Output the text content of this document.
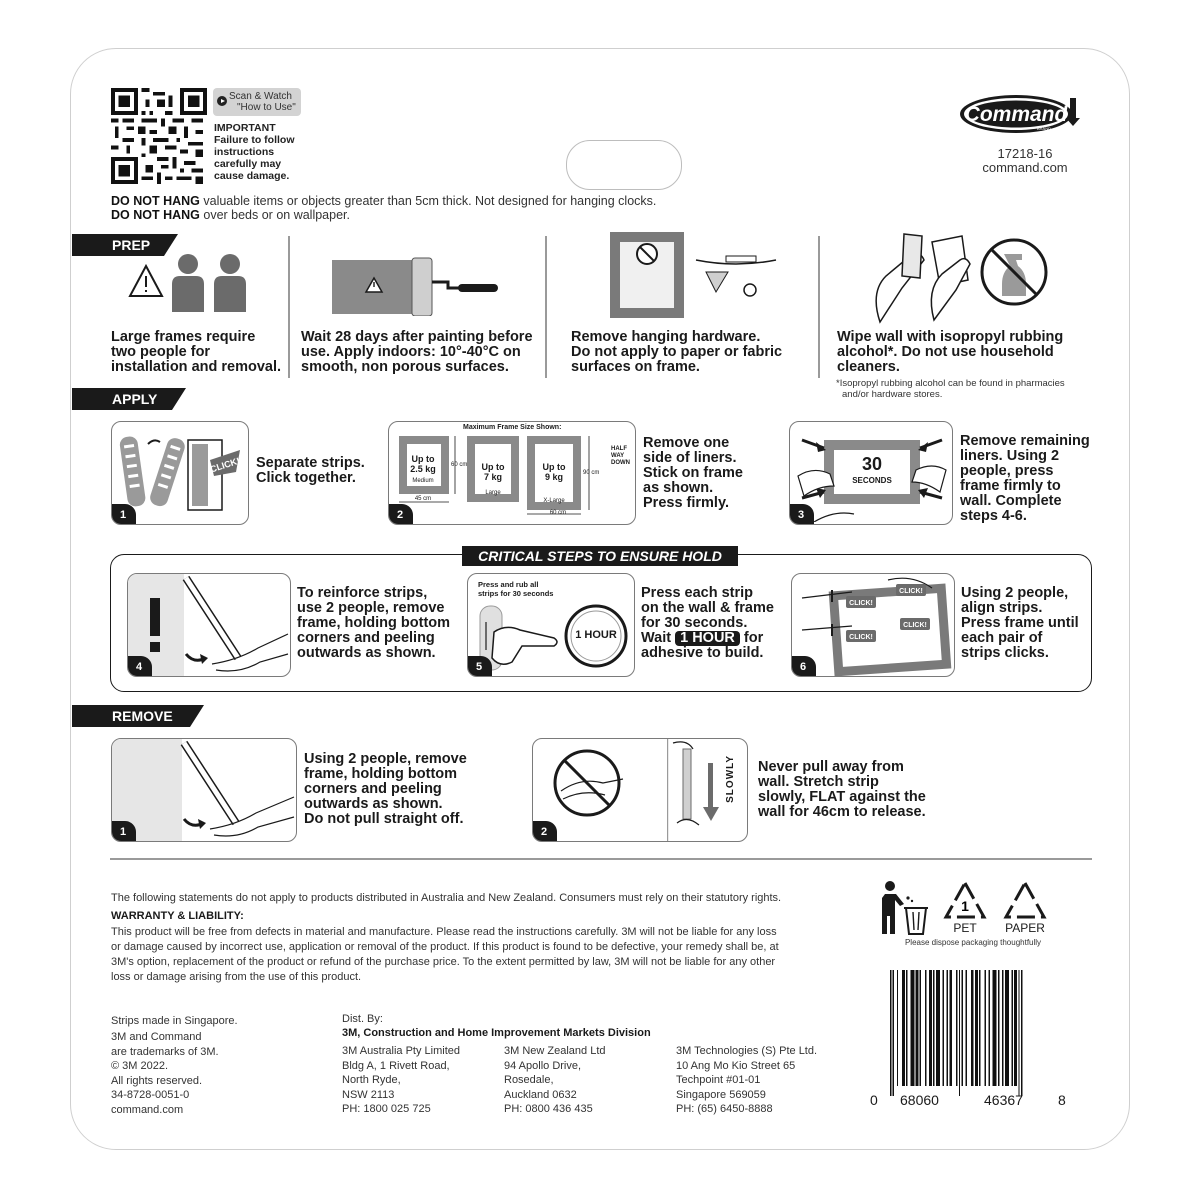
Scan & Watch
"How to Use"
IMPORTANT
Failure to follow
instructions
carefully may
cause damage.
DO NOT HANG valuable items or objects greater than 5cm thick. Not designed for hanging clocks.
DO NOT HANG over beds or on wallpaper.
Command
BRAND
17218-16
command.com
PREP
Large frames require
two people for
installation and removal.
Wait 28 days after painting before
use. Apply indoors: 10°-40°C on
smooth, non porous surfaces.
Remove hanging hardware.
Do not apply to paper or fabric
surfaces on frame.
Wipe wall with isopropyl rubbing
alcohol*. Do not use household
cleaners.
*Isopropyl rubbing alcohol can be found in pharmacies
and/or hardware stores.
APPLY
CLICK!
1
Separate strips.
Click together.
Maximum Frame Size Shown:
Up to
2.5 kg
Medium
45 cm
60 cm	Up to
7 kg
Large
Up to
9 kg
X-Large
60 cm
90 cm
HALF
WAY
DOWN
2
Remove one
side of liners.
Stick on frame
as shown.
Press firmly.
30
SECONDS
3
Remove remaining
liners. Using 2
people, press
frame firmly to
wall. Complete
steps 4-6.
CRITICAL STEPS TO ENSURE HOLD
4
To reinforce strips,
use 2 people, remove
frame, holding bottom
corners and peeling
outwards as shown.
Press and rub all
strips for 30 seconds
1 HOUR
5
Press each strip
on the wall & frame
for 30 seconds.
Wait 1 HOUR for
adhesive to build.
CLICK!
CLICK!
CLICK!
CLICK!
6
Using 2 people,
align strips.
Press frame until
each pair of
strips clicks.
REMOVE
1
Using 2 people, remove
frame, holding bottom
corners and peeling
outwards as shown.
Do not pull straight off.
SLOWLY
2
Never pull away from
wall. Stretch strip
slowly, FLAT against the
wall for 46cm to release.
The following statements do not apply to products distributed in Australia and New Zealand. Consumers must rely on their statutory rights.
WARRANTY & LIABILITY:
This product will be free from defects in material and manufacture. Please read the instructions carefully. 3M will not be liable for any loss
or damage caused by incorrect use, application or removal of the product. If this product is found to be defective, your remedy shall be, at
3M's option, replacement of the product or refund of the purchase price. To the extent permitted by law, 3M will not be liable for any other
loss or damage arising from the use of this product.
1
PET	PAPER
Please dispose packaging thoughtfully
Strips made in Singapore.
3M and Command
are trademarks of 3M.
© 3M 2022.
All rights reserved.
34-8728-0051-0
command.com
Dist. By:
3M, Construction and Home Improvement Markets Division
3M Australia Pty Limited
Bldg A, 1 Rivett Road,
North Ryde,
NSW 2113
PH: 1800 025 725
3M New Zealand Ltd
94 Apollo Drive,
Rosedale,
Auckland 0632
PH: 0800 436 435
3M Technologies (S) Pte Ltd.
10 Ang Mo Kio Street 65
Techpoint #01-01
Singapore 569059
PH: (65) 6450-8888
0 68060	46367	8
